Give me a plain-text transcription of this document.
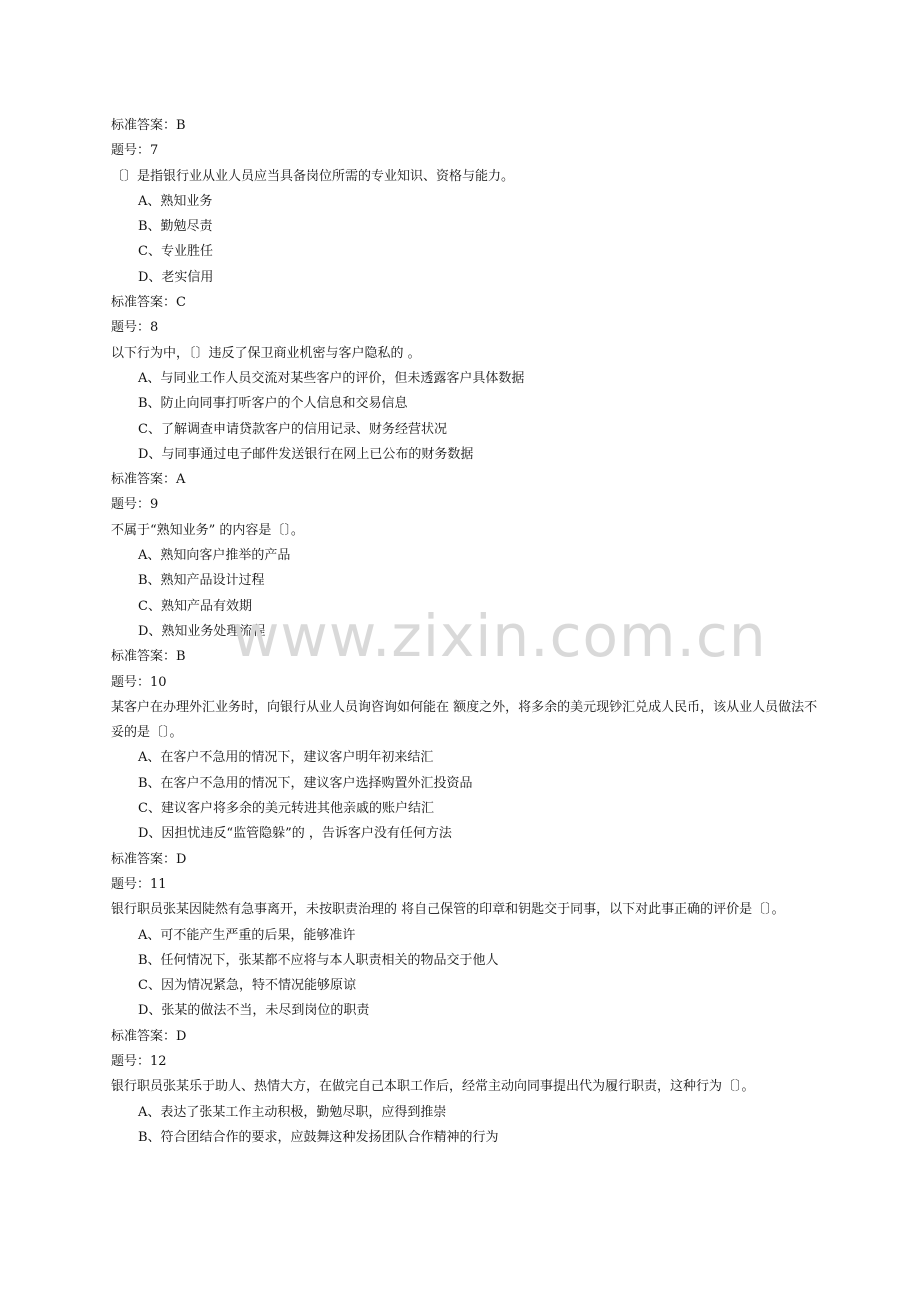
标准答案：B
题号：7
〔〕是指银行业从业人员应当具备岗位所需的专业知识、资格与能力。
A、熟知业务
B、勤勉尽责
C、专业胜任
D、老实信用
标准答案：C
题号：8
以下行为中，〔〕违反了保卫商业机密与客户隐私的 。
A、与同业工作人员交流对某些客户的评价，但未透露客户具体数据
B、防止向同事打听客户的个人信息和交易信息
C、了解调查申请贷款客户的信用记录、财务经营状况
D、与同事通过电子邮件发送银行在网上已公布的财务数据
标准答案：A
题号：9
不属于“熟知业务” 的内容是〔〕。
A、熟知向客户推举的产品
B、熟知产品设计过程
C、熟知产品有效期
D、熟知业务处理流程
标准答案：B
题号：10
某客户在办理外汇业务时，向银行从业人员询咨询如何能在 额度之外，将多余的美元现钞汇兑成人民币，该从业人员做法不妥的是〔〕。
A、在客户不急用的情况下，建议客户明年初来结汇
B、在客户不急用的情况下，建议客户选择购置外汇投资品
C、建议客户将多余的美元转进其他亲戚的账户结汇
D、因担忧违反“监管隐躲”的 ，告诉客户没有任何方法
标准答案：D
题号：11
银行职员张某因陡然有急事离开，未按职责治理的 将自己保管的印章和钥匙交于同事，以下对此事正确的评价是〔〕。
A、可不能产生严重的后果，能够准许
B、任何情况下，张某都不应将与本人职责相关的物品交于他人
C、因为情况紧急，特不情况能够原谅
D、张某的做法不当，未尽到岗位的职责
标准答案：D
题号：12
银行职员张某乐于助人、热情大方，在做完自己本职工作后，经常主动向同事提出代为履行职责，这种行为〔〕。
A、表达了张某工作主动积极，勤勉尽职，应得到推崇
B、符合团结合作的要求，应鼓舞这种发扬团队合作精神的行为
www.zixin.com.cn
